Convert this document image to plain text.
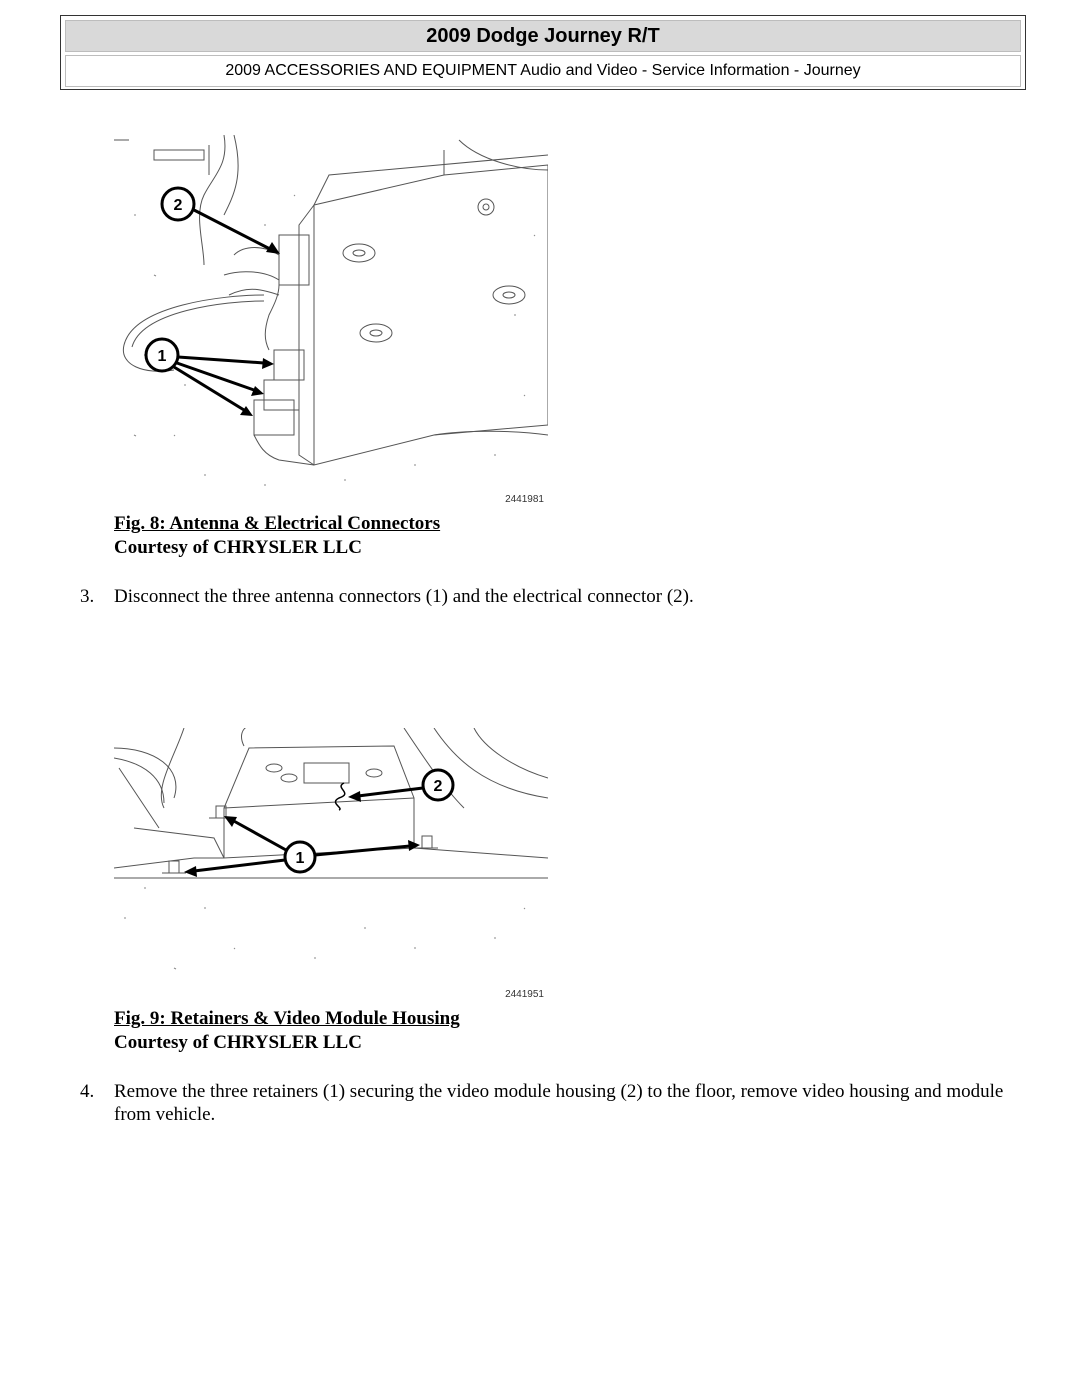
2009 Dodge Journey R/T
2009 ACCESSORIES AND EQUIPMENT Audio and Video - Service Information - Journey
2
1
2441981
Fig. 8: Antenna & Electrical Connectors
Courtesy of CHRYSLER LLC
3.	Disconnect the three antenna connectors (1) and the electrical connector (2).
2
1
2441951
Fig. 9: Retainers & Video Module Housing
Courtesy of CHRYSLER LLC
4.	Remove the three retainers (1) securing the video module housing (2) to the floor, remove video housing and module from vehicle.
